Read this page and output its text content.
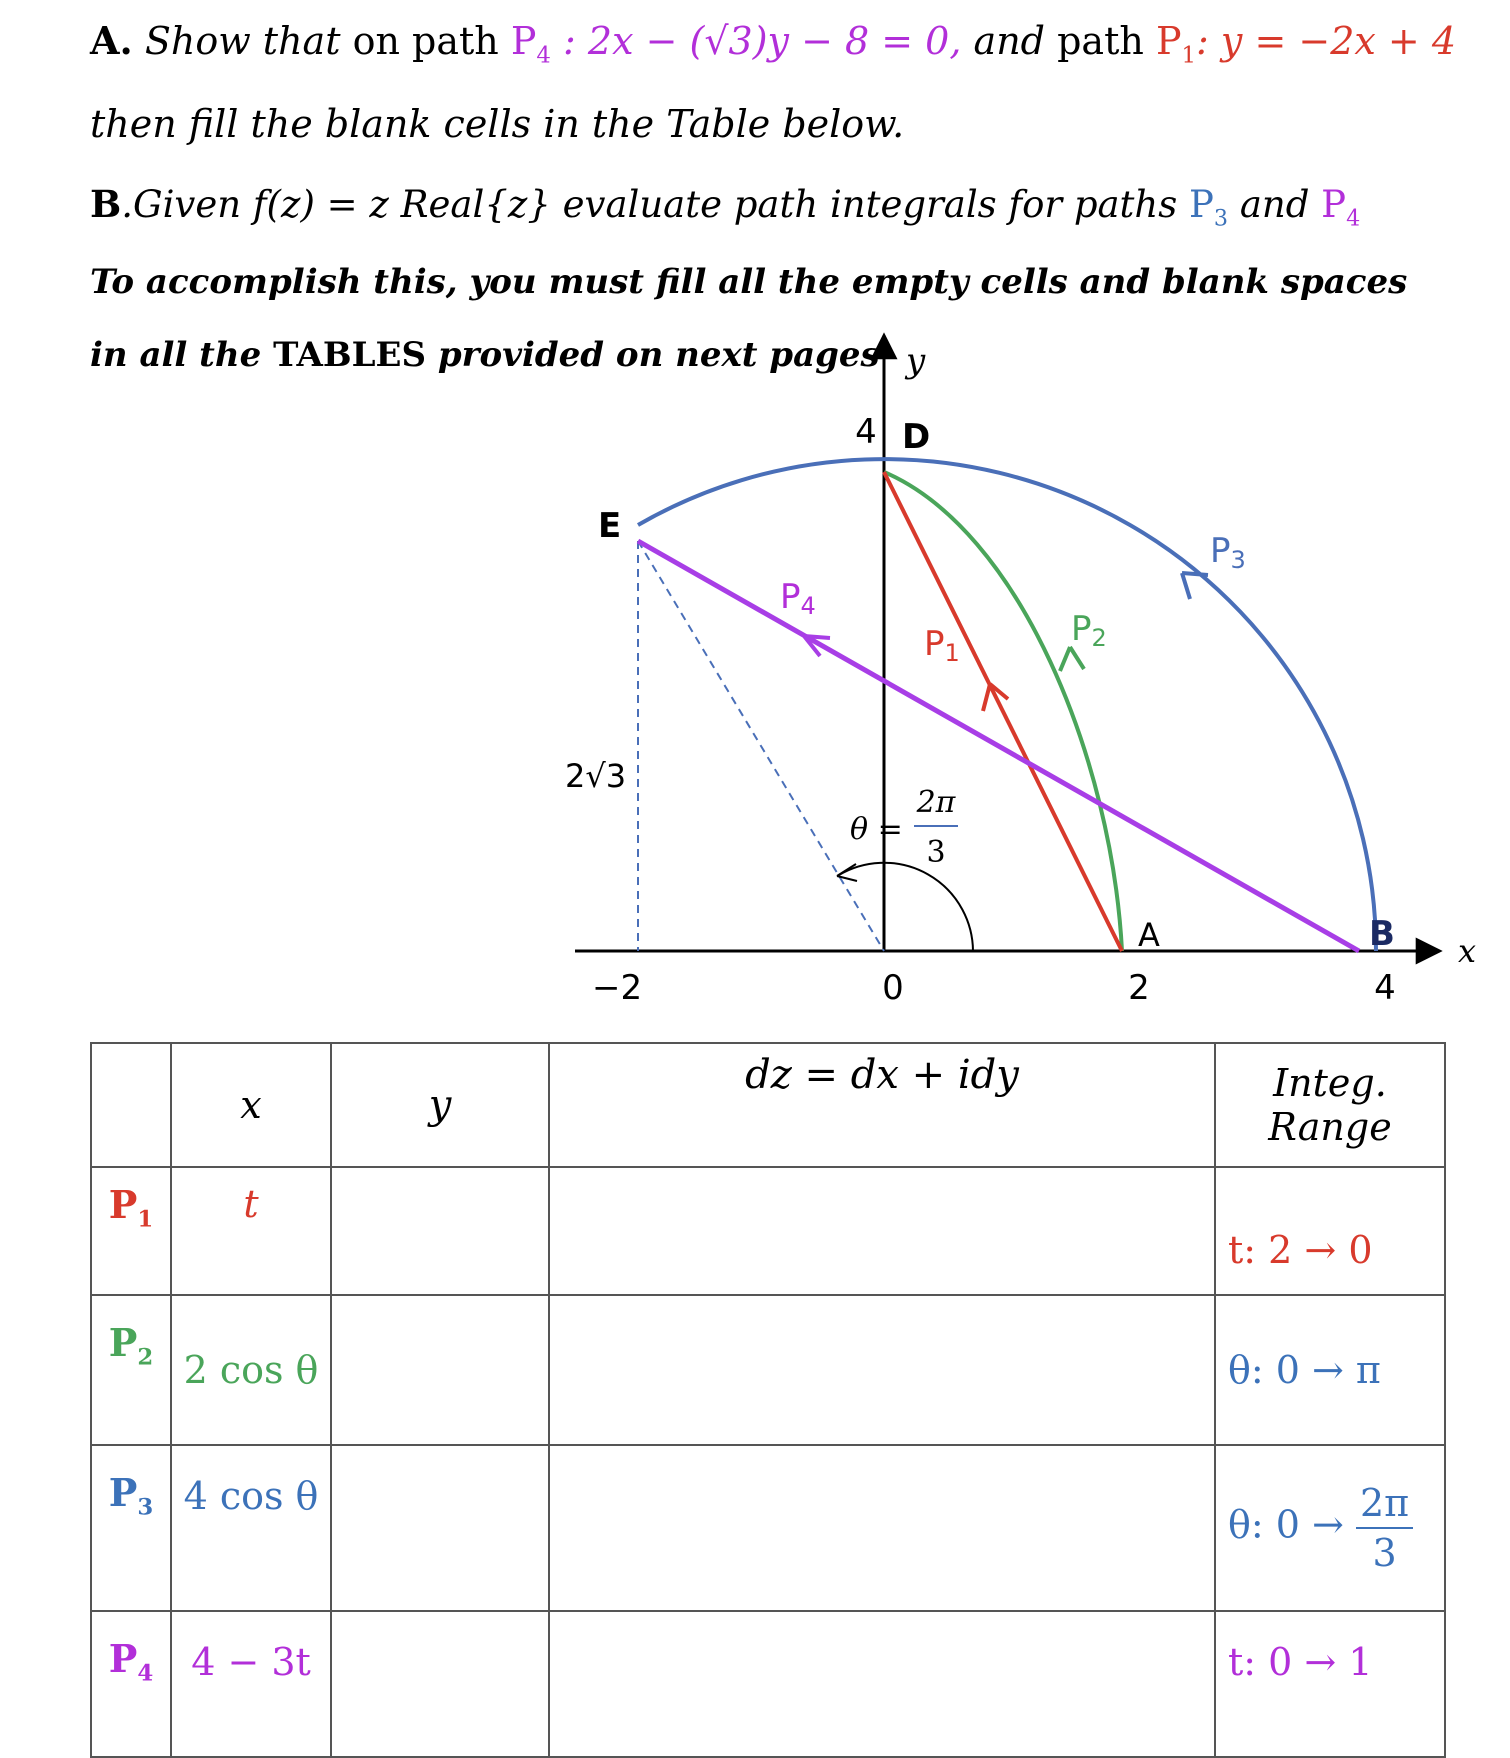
A. Show that on path $P_4$ : 2x − (√3)y − 8 = 0, and path $P_1$: y = −2x + 4
then fill the blank cells in the Table below.
B.Given f(z) = z Real{z} evaluate path integrals for paths $P_3$ and $P_4$
To accomplish this, you must fill all the empty cells and blank spaces
in all the TABLES provided on next pages
x
y
−2	0	2	4
4
2√3
θ =
2π
3
P3
P2
P1
P4
A	B
D
E
	x	y	dz = dx + idy	Integ.
Range

$P_1$	t			t: 2 → 0
$P_2$	2 cos θ			θ: 0 → π
$P_3$	4 cos θ			θ: $0 \to \frac{2\pi}{3}$

$P_4$	4 − 3t			t: 0 → 1
